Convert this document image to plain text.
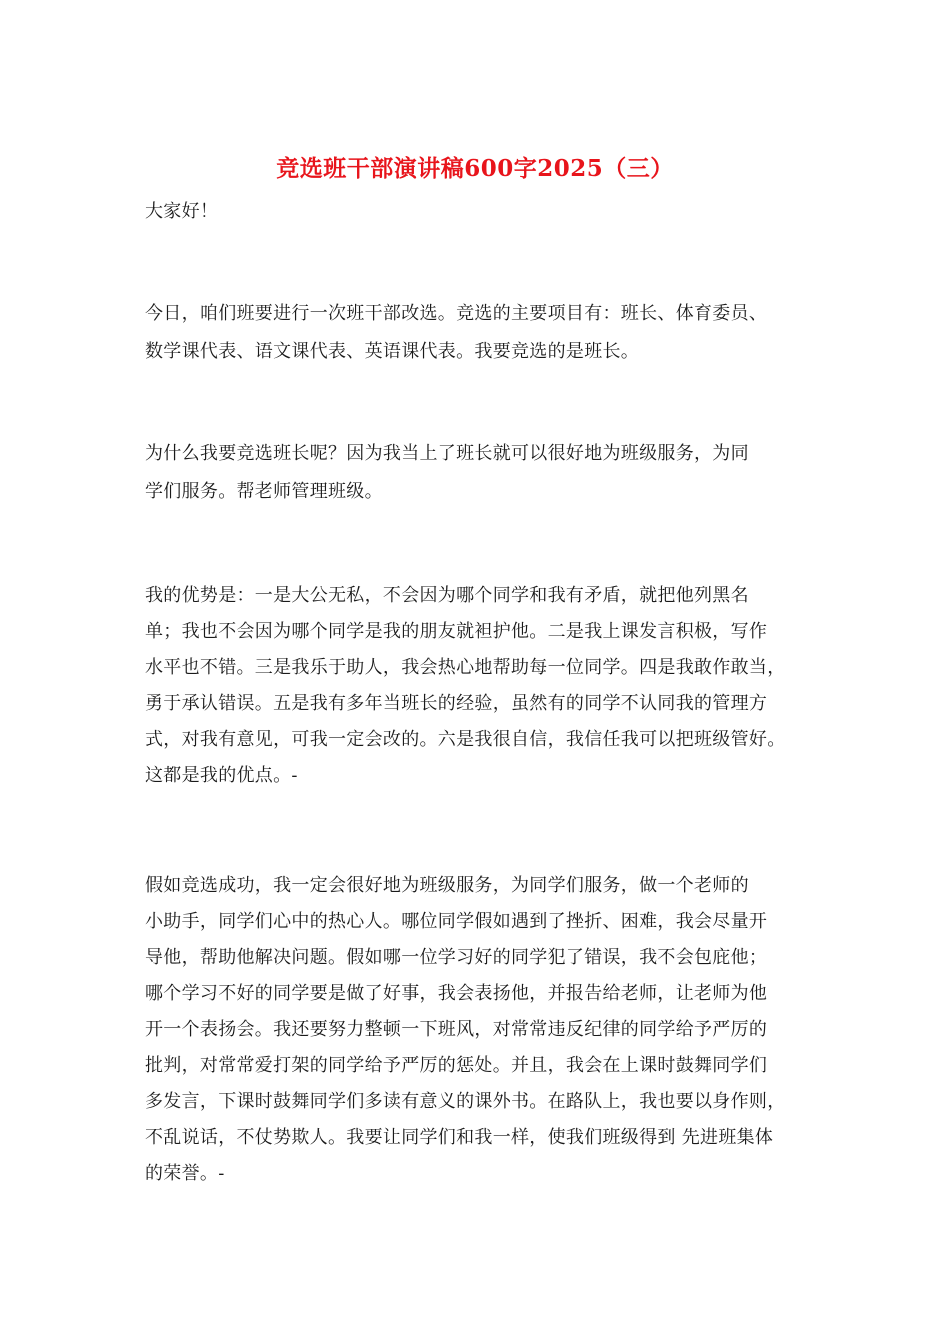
竞选班干部演讲稿600字2025（三）
大家好！
今日，咱们班要进行一次班干部改选。竞选的主要项目有：班长、体育委员、
数学课代表、语文课代表、英语课代表。我要竞选的是班长。
为什么我要竞选班长呢？因为我当上了班长就可以很好地为班级服务，为同
学们服务。帮老师管理班级。
我的优势是：一是大公无私，不会因为哪个同学和我有矛盾，就把他列黑名
单；我也不会因为哪个同学是我的朋友就袒护他。二是我上课发言积极，写作
水平也不错。三是我乐于助人，我会热心地帮助每一位同学。四是我敢作敢当，
勇于承认错误。五是我有多年当班长的经验，虽然有的同学不认同我的管理方
式，对我有意见，可我一定会改的。六是我很自信，我信任我可以把班级管好。
这都是我的优点。-
假如竞选成功，我一定会很好地为班级服务，为同学们服务，做一个老师的
小助手，同学们心中的热心人。哪位同学假如遇到了挫折、困难，我会尽量开
导他，帮助他解决问题。假如哪一位学习好的同学犯了错误，我不会包庇他；
哪个学习不好的同学要是做了好事，我会表扬他，并报告给老师，让老师为他
开一个表扬会。我还要努力整顿一下班风，对常常违反纪律的同学给予严厉的
批判，对常常爱打架的同学给予严厉的惩处。并且，我会在上课时鼓舞同学们
多发言，下课时鼓舞同学们多读有意义的课外书。在路队上，我也要以身作则，
不乱说话，不仗势欺人。我要让同学们和我一样，使我们班级得到 先进班集体
的荣誉。-
